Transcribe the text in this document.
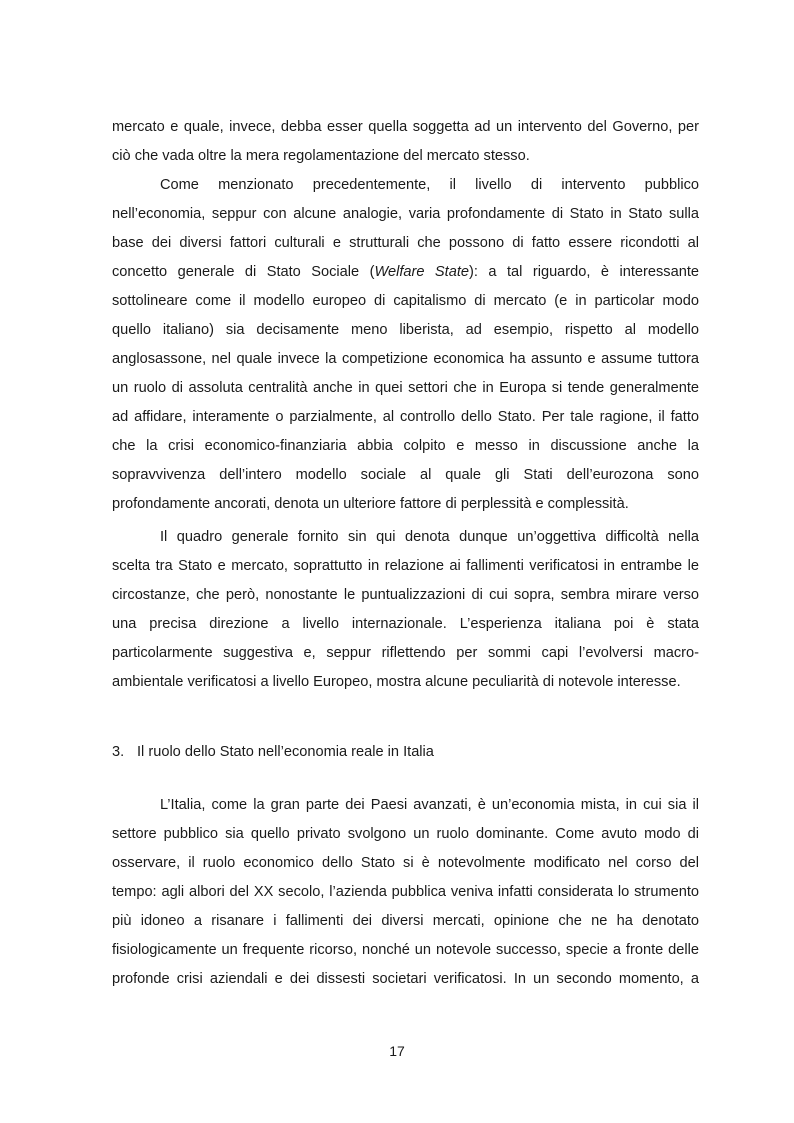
mercato e quale, invece, debba esser quella soggetta ad un intervento del Governo, per
ciò che vada oltre la mera regolamentazione del mercato stesso.
Come menzionato precedentemente, il livello di intervento pubblico
nell’economia, seppur con alcune analogie, varia profondamente di Stato in Stato sulla
base dei diversi fattori culturali e strutturali che possono di fatto essere ricondotti al
concetto generale di Stato Sociale (Welfare State): a tal riguardo, è interessante
sottolineare come il modello europeo di capitalismo di mercato (e in particolar modo
quello italiano) sia decisamente meno liberista, ad esempio, rispetto al modello
anglosassone, nel quale invece la competizione economica ha assunto e assume tuttora
un ruolo di assoluta centralità anche in quei settori che in Europa si tende generalmente
ad affidare, interamente o parzialmente, al controllo dello Stato. Per tale ragione, il fatto
che la crisi economico-finanziaria abbia colpito e messo in discussione anche la
sopravvivenza dell’intero modello sociale al quale gli Stati dell’eurozona sono
profondamente ancorati, denota un ulteriore fattore di perplessità e complessità.
Il quadro generale fornito sin qui denota dunque un’oggettiva difficoltà nella
scelta tra Stato e mercato, soprattutto in relazione ai fallimenti verificatosi in entrambe le
circostanze, che però, nonostante le puntualizzazioni di cui sopra, sembra mirare verso
una precisa direzione a livello internazionale. L’esperienza italiana poi è stata
particolarmente suggestiva e, seppur riflettendo per sommi capi l’evolversi macro-
ambientale verificatosi a livello Europeo, mostra alcune peculiarità di notevole interesse.
3. Il ruolo dello Stato nell’economia reale in Italia
L’Italia, come la gran parte dei Paesi avanzati, è un’economia mista, in cui sia il
settore pubblico sia quello privato svolgono un ruolo dominante. Come avuto modo di
osservare, il ruolo economico dello Stato si è notevolmente modificato nel corso del
tempo: agli albori del XX secolo, l’azienda pubblica veniva infatti considerata lo strumento
più idoneo a risanare i fallimenti dei diversi mercati, opinione che ne ha denotato
fisiologicamente un frequente ricorso, nonché un notevole successo, specie a fronte delle
profonde crisi aziendali e dei dissesti societari verificatosi. In un secondo momento, a
17
